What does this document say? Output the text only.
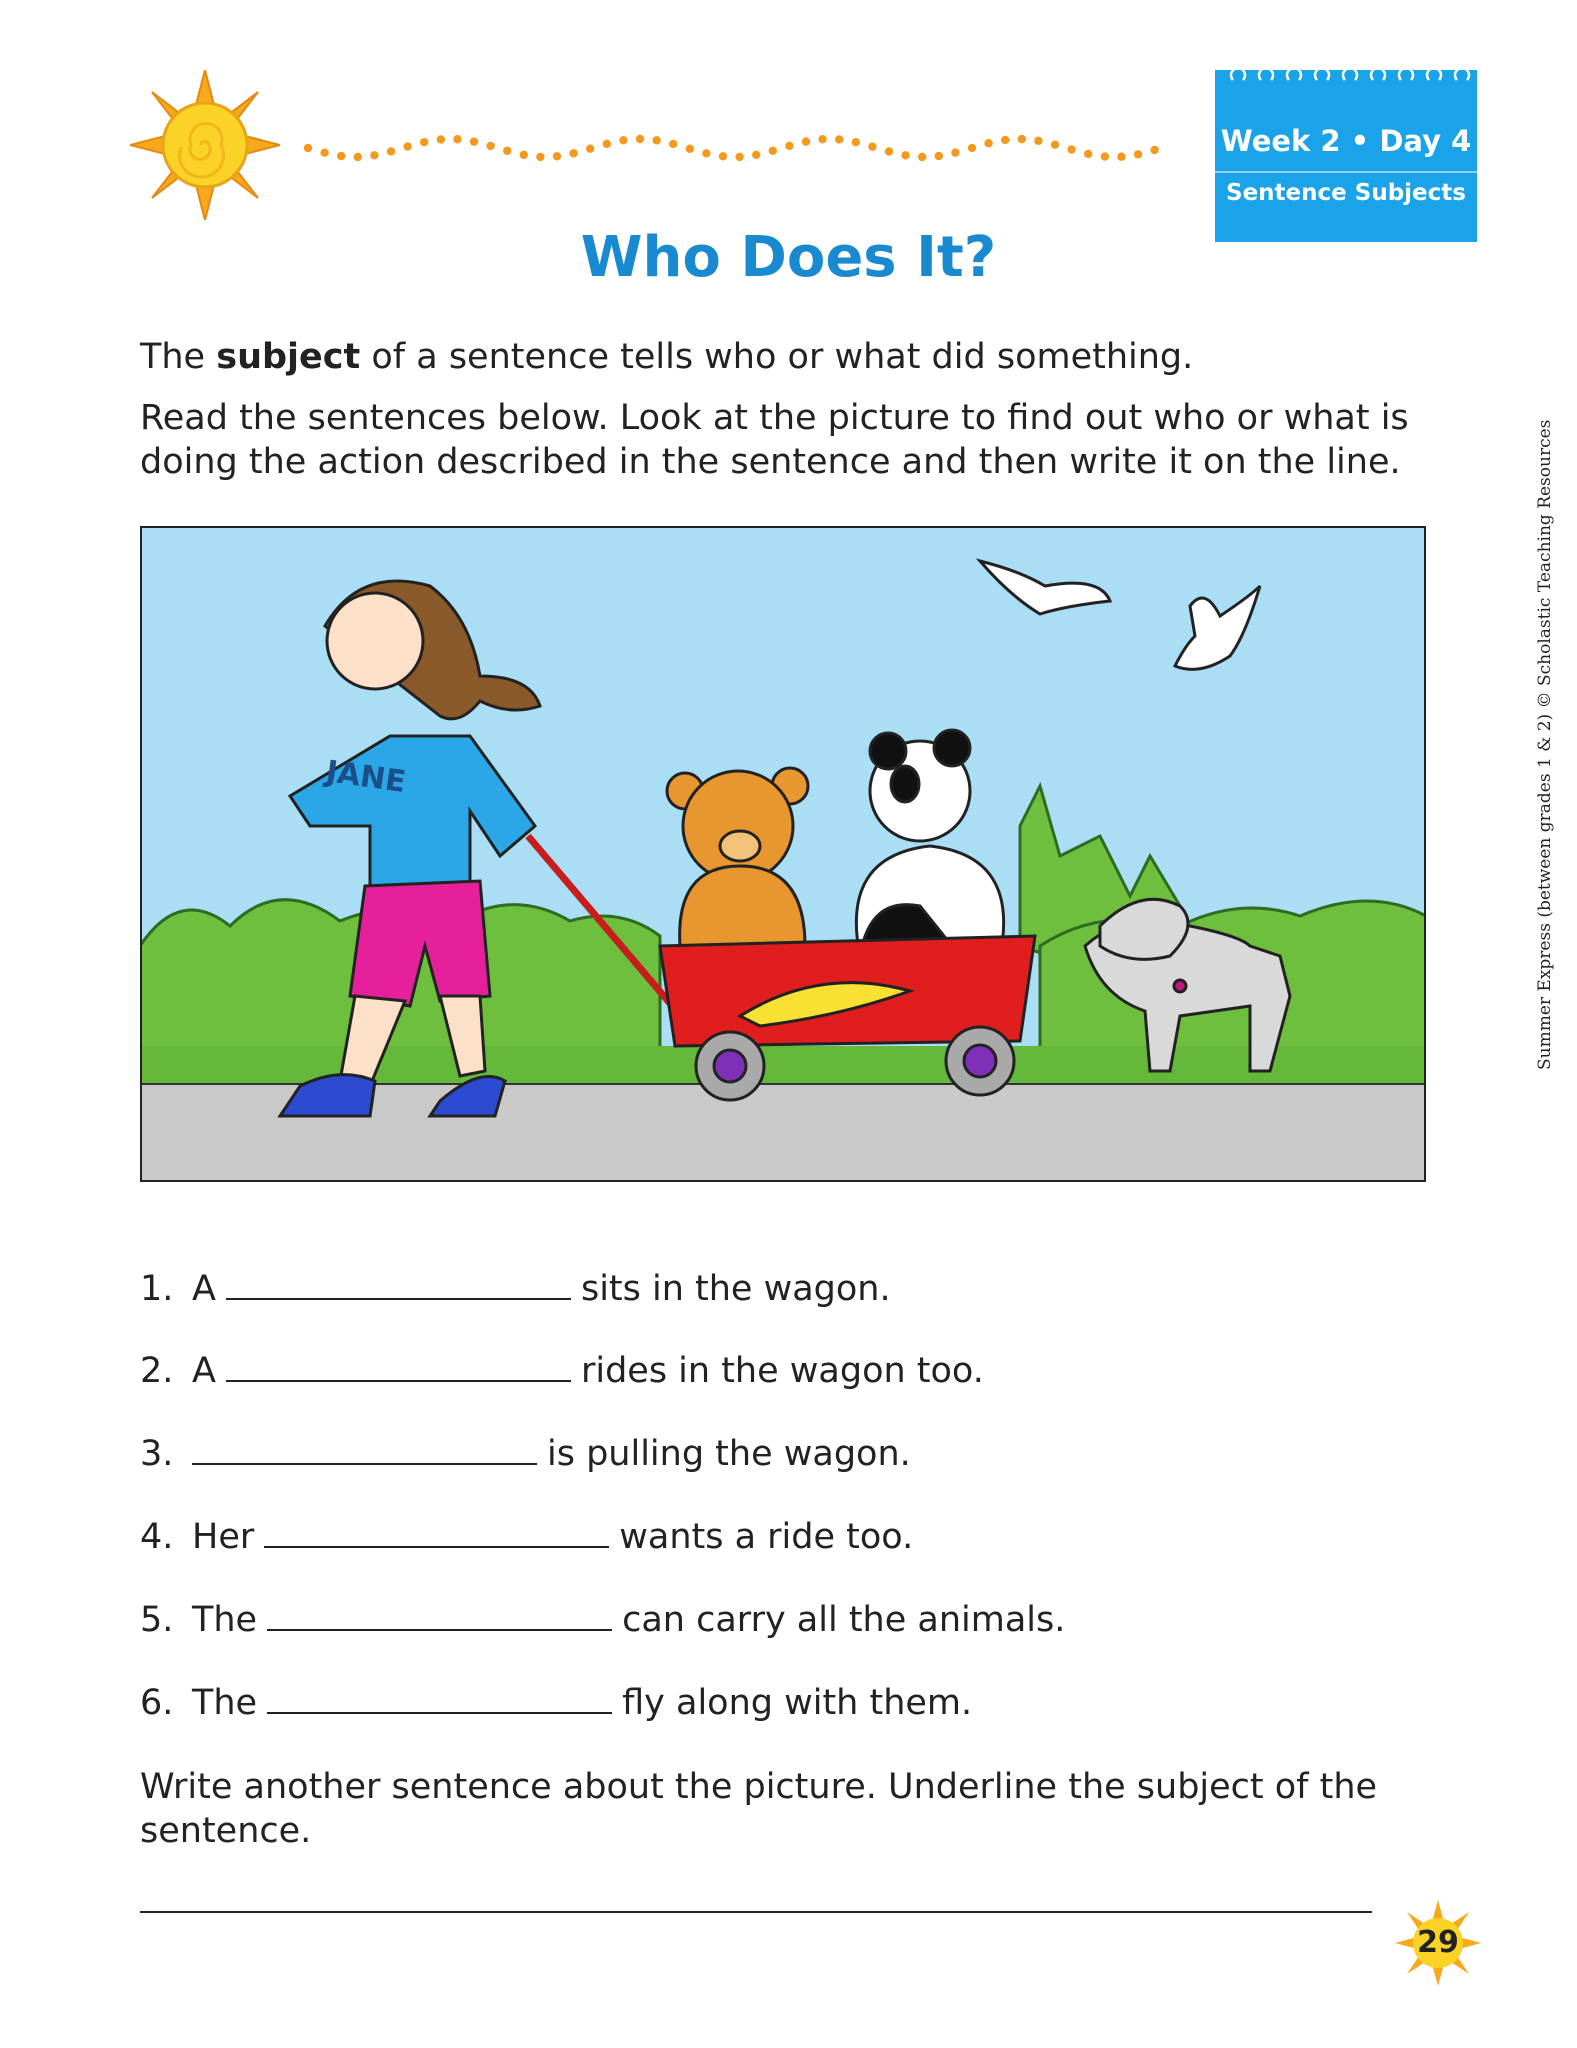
Week 2 • Day 4
Sentence Subjects
Who Does It?
The subject of a sentence tells who or what did something.
Read the sentences below. Look at the picture to find out who or what is doing the action described in the sentence and then write it on the line.
JANE
1. A	sits in the wagon.
2. A	rides in the wagon too.
3.	is pulling the wagon.
4. Her	wants a ride too.
5. The	can carry all the animals.
6. The	fly along with them.
Write another sentence about the picture. Underline the subject of the sentence.
Summer Express (between grades 1 & 2) © Scholastic Teaching Resources
29
